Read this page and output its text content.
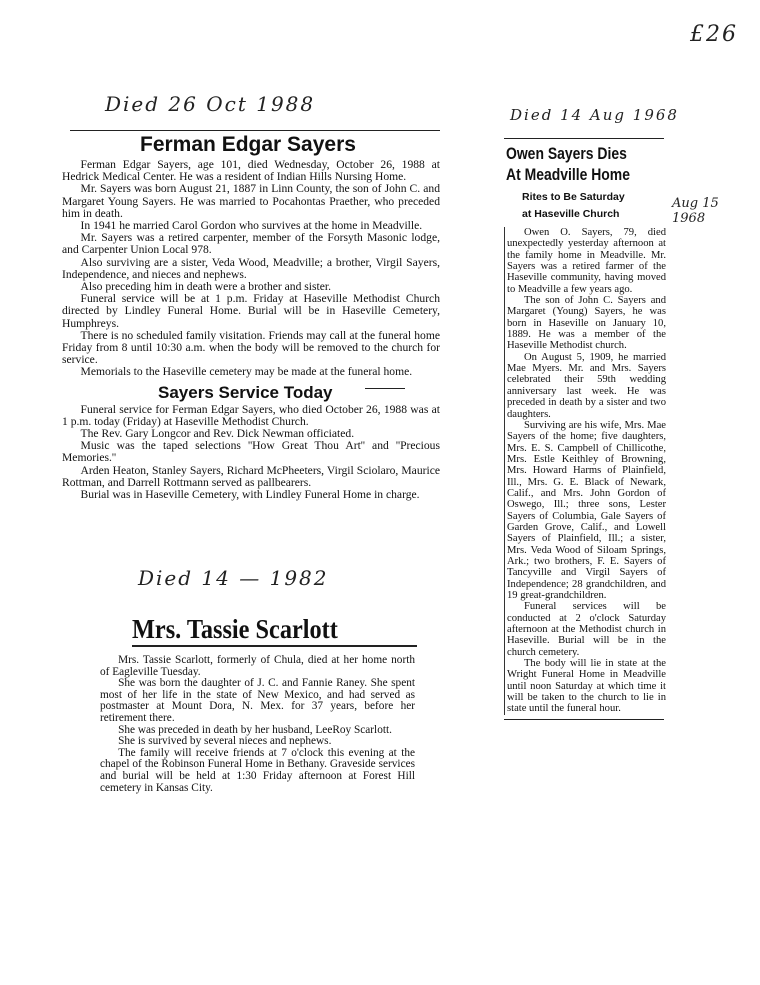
£26
Died 26 Oct 1988	Died 14 Aug 1968
Aug 15 1968
Died 14 — 1982
Ferman Edgar Sayers

Ferman Edgar Sayers, age 101, died Wednesday, October 26, 1988 at Hedrick Medical Center. He was a resident of Indian Hills Nursing Home.

Mr. Sayers was born August 21, 1887 in Linn County, the son of John C. and Margaret Young Sayers. He was married to Pocahontas Praether, who preceded him in death.

In 1941 he married Carol Gordon who survives at the home in Meadville.

Mr. Sayers was a retired carpenter, member of the Forsyth Masonic lodge, and Carpenter Union Local 978.

Also surviving are a sister, Veda Wood, Meadville; a brother, Virgil Sayers, Independence, and nieces and nephews.

Also preceding him in death were a brother and sister.

Funeral service will be at 1 p.m. Friday at Haseville Methodist Church directed by Lindley Funeral Home. Burial will be in Haseville Cemetery, Humphreys.

There is no scheduled family visitation. Friends may call at the funeral home Friday from 8 until 10:30 a.m. when the body will be removed to the church for service.

Memorials to the Haseville cemetery may be made at the funeral home.

Sayers Service Today

Funeral service for Ferman Edgar Sayers, who died October 26, 1988 was at 1 p.m. today (Friday) at Haseville Methodist Church.

The Rev. Gary Longcor and Rev. Dick Newman officiated.

Music was the taped selections ''How Great Thou Art'' and ''Precious Memories.''

Arden Heaton, Stanley Sayers, Richard McPheeters, Virgil Sciolaro, Maurice Rottman, and Darrell Rottmann served as pallbearers.

Burial was in Haseville Cemetery, with Lindley Funeral Home in charge.

Owen Sayers Dies
At Meadville Home
Rites to Be Saturday
at Haseville Church

Owen O. Sayers, 79, died unexpectedly yesterday afternoon at the family home in Meadville. Mr. Sayers was a retired farmer of the Haseville community, having moved to Meadville a few years ago.

The son of John C. Sayers and Margaret (Young) Sayers, he was born in Haseville on January 10, 1889. He was a member of the Haseville Methodist church.

On August 5, 1909, he married Mae Myers. Mr. and Mrs. Sayers celebrated their 59th wedding anniversary last week. He was preceded in death by a sister and two daughters.

Surviving are his wife, Mrs. Mae Sayers of the home; five daughters, Mrs. E. S. Campbell of Chillicothe, Mrs. Estle Keithley of Browning, Mrs. Howard Harms of Plainfield, Ill., Mrs. G. E. Black of Newark, Calif., and Mrs. John Gordon of Oswego, Ill.; three sons, Lester Sayers of Columbia, Gale Sayers of Garden Grove, Calif., and Lowell Sayers of Plainfield, Ill.; a sister, Mrs. Veda Wood of Siloam Springs, Ark.; two brothers, F. E. Sayers of Tancyville and Virgil Sayers of Independence; 28 grandchildren, and 19 great-grandchildren.

Funeral services will be conducted at 2 o'clock Saturday afternoon at the Methodist church in Haseville. Burial will be in the church cemetery.

The body will lie in state at the Wright Funeral Home in Meadville until noon Saturday at which time it will be taken to the church to lie in state until the funeral hour.

Mrs. Tassie Scarlott

Mrs. Tassie Scarlott, formerly of Chula, died at her home north of Eagleville Tuesday.

She was born the daughter of J. C. and Fannie Raney. She spent most of her life in the state of New Mexico, and had served as postmaster at Mount Dora, N. Mex. for 37 years, before her retirement there.

She was preceded in death by her husband, LeeRoy Scarlott.

She is survived by several nieces and nephews.

The family will receive friends at 7 o'clock this evening at the chapel of the Robinson Funeral Home in Bethany. Graveside services and burial will be held at 1:30 Friday afternoon at Forest Hill cemetery in Kansas City.
